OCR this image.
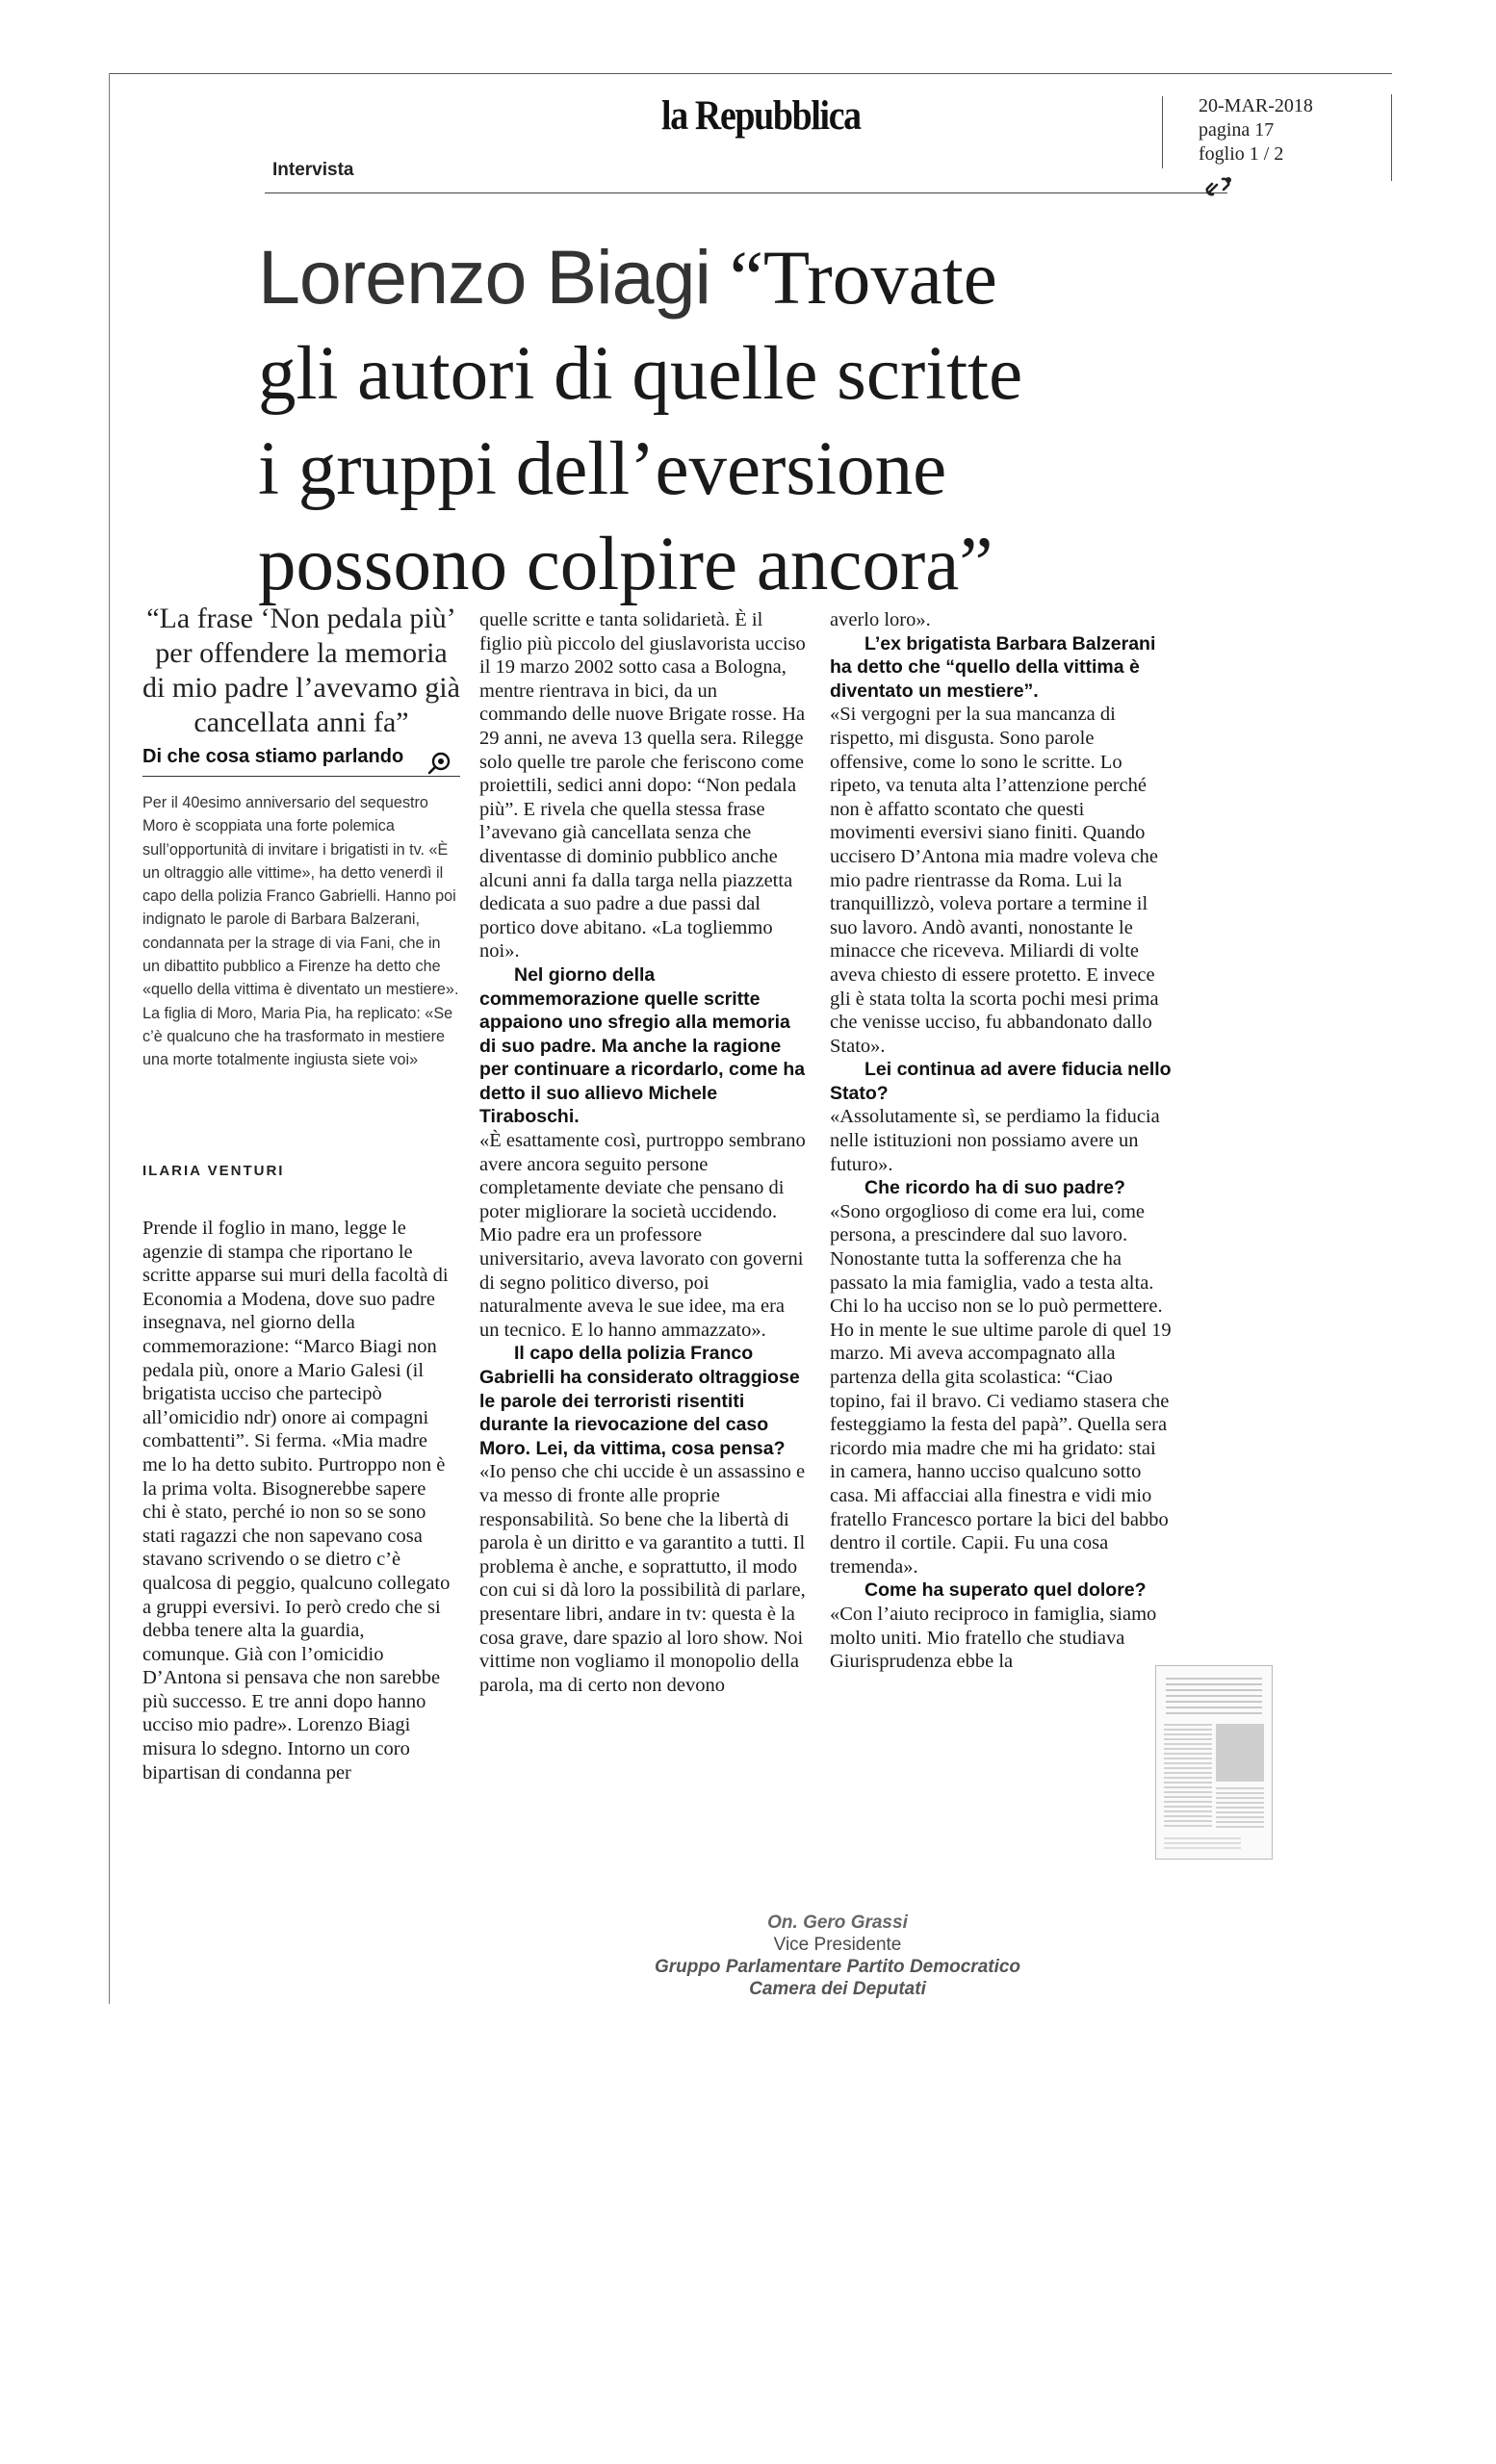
la Repubblica	20-MAR-2018
pagina 17
foglio 1 / 2
Intervista
Lorenzo Biagi “Trovate
gli autori di quelle scritte
i gruppi dell’eversione
possono colpire ancora”
“La frase ‘Non pedala più’ per offendere la memoria di mio padre l’avevamo già cancellata anni fa”
Di che cosa stiamo parlando
Per il 40esimo anniversario del sequestro Moro è scoppiata una forte polemica sull’opportunità di invitare i brigatisti in tv. «È un oltraggio alle vittime», ha detto venerdì il capo della polizia Franco Gabrielli. Hanno poi indignato le parole di Barbara Balzerani, condannata per la strage di via Fani, che in un dibattito pubblico a Firenze ha detto che «quello della vittima è diventato un mestiere». La figlia di Moro, Maria Pia, ha replicato: «Se c’è qualcuno che ha trasformato in mestiere una morte totalmente ingiusta siete voi»
ILARIA VENTURI

Prende il foglio in mano, legge le agenzie di stampa che riportano le scritte apparse sui muri della facoltà di Economia a Modena, dove suo padre insegnava, nel giorno della commemorazione: “Marco Biagi non pedala più, onore a Mario Galesi (il brigatista ucciso che partecipò all’omicidio ndr) onore ai compagni combattenti”. Si ferma. «Mia madre me lo ha detto subito. Purtroppo non è la prima volta. Bisognerebbe sapere chi è stato, perché io non so se sono stati ragazzi che non sapevano cosa stavano scrivendo o se dietro c’è qualcosa di peggio, qualcuno collegato a gruppi eversivi. Io però credo che si debba tenere alta la guardia, comunque. Già con l’omicidio D’Antona si pensava che non sarebbe più successo. E tre anni dopo hanno ucciso mio padre». Lorenzo Biagi misura lo sdegno. Intorno un coro bipartisan di condanna per

quelle scritte e tanta solidarietà. È il figlio più piccolo del giuslavorista ucciso il 19 marzo 2002 sotto casa a Bologna, mentre rientrava in bici, da un commando delle nuove Brigate rosse. Ha 29 anni, ne aveva 13 quella sera. Rilegge solo quelle tre parole che feriscono come proiettili, sedici anni dopo: “Non pedala più”. E rivela che quella stessa frase l’avevano già cancellata senza che diventasse di dominio pubblico anche alcuni anni fa dalla targa nella piazzetta dedicata a suo padre a due passi dal portico dove abitano. «La togliemmo noi».

Nel giorno della commemorazione quelle scritte appaiono uno sfregio alla memoria di suo padre. Ma anche la ragione per continuare a ricordarlo, come ha detto il suo allievo Michele Tiraboschi.

«È esattamente così, purtroppo sembrano avere ancora seguito persone completamente deviate che pensano di poter migliorare la società uccidendo. Mio padre era un professore universitario, aveva lavorato con governi di segno politico diverso, poi naturalmente aveva le sue idee, ma era un tecnico. E lo hanno ammazzato».

Il capo della polizia Franco Gabrielli ha considerato oltraggiose le parole dei terroristi risentiti durante la rievocazione del caso Moro. Lei, da vittima, cosa pensa?

«Io penso che chi uccide è un assassino e va messo di fronte alle proprie responsabilità. So bene che la libertà di parola è un diritto e va garantito a tutti. Il problema è anche, e soprattutto, il modo con cui si dà loro la possibilità di parlare, presentare libri, andare in tv: questa è la cosa grave, dare spazio al loro show. Noi vittime non vogliamo il monopolio della parola, ma di certo non devono

averlo loro».

L’ex brigatista Barbara Balzerani ha detto che “quello della vittima è diventato un mestiere”.

«Si vergogni per la sua mancanza di rispetto, mi disgusta. Sono parole offensive, come lo sono le scritte. Lo ripeto, va tenuta alta l’attenzione perché non è affatto scontato che questi movimenti eversivi siano finiti. Quando uccisero D’Antona mia madre voleva che mio padre rientrasse da Roma. Lui la tranquillizzò, voleva portare a termine il suo lavoro. Andò avanti, nonostante le minacce che riceveva. Miliardi di volte aveva chiesto di essere protetto. E invece gli è stata tolta la scorta pochi mesi prima che venisse ucciso, fu abbandonato dallo Stato».

Lei continua ad avere fiducia nello Stato?

«Assolutamente sì, se perdiamo la fiducia nelle istituzioni non possiamo avere un futuro».

Che ricordo ha di suo padre?

«Sono orgoglioso di come era lui, come persona, a prescindere dal suo lavoro. Nonostante tutta la sofferenza che ha passato la mia famiglia, vado a testa alta. Chi lo ha ucciso non se lo può permettere. Ho in mente le sue ultime parole di quel 19 marzo. Mi aveva accompagnato alla partenza della gita scolastica: “Ciao topino, fai il bravo. Ci vediamo stasera che festeggiamo la festa del papà”. Quella sera ricordo mia madre che mi ha gridato: stai in camera, hanno ucciso qualcuno sotto casa. Mi affacciai alla finestra e vidi mio fratello Francesco portare la bici del babbo dentro il cortile. Capii. Fu una cosa tremenda».

Come ha superato quel dolore?

«Con l’aiuto reciproco in famiglia, siamo molto uniti. Mio fratello che studiava Giurisprudenza ebbe la

On. Gero Grassi
Vice Presidente
Gruppo Parlamentare Partito Democratico
Camera dei Deputati
